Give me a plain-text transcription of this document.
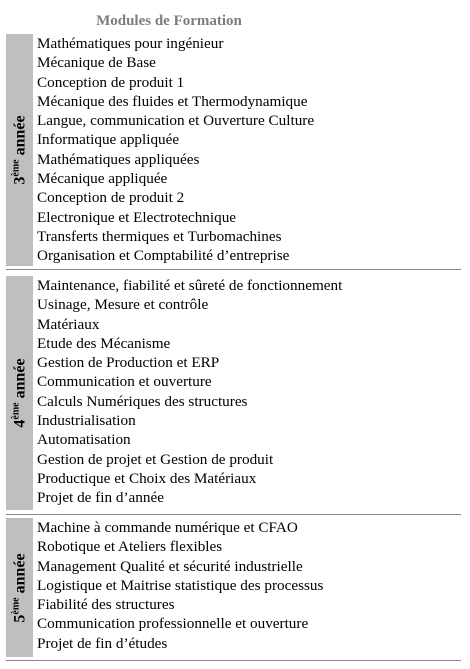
Modules de Formation
3ème année
Mathématiques pour ingénieur
Mécanique de Base
Conception de produit 1
Mécanique des fluides et Thermodynamique
Langue, communication et Ouverture Culture
Informatique appliquée
Mathématiques appliquées
Mécanique appliquée
Conception de produit 2
Electronique et Electrotechnique
Transferts thermiques et Turbomachines
Organisation et Comptabilité d’entreprise
4ème année
Maintenance, fiabilité et sûreté de fonctionnement
Usinage, Mesure et contrôle
Matériaux
Etude des Mécanisme
Gestion de Production et ERP
Communication et ouverture
Calculs Numériques des structures
Industrialisation
Automatisation
Gestion de projet et Gestion de produit
Productique et Choix des Matériaux
Projet de fin d’année
5ème année
Machine à commande numérique et CFAO
Robotique et Ateliers flexibles
Management Qualité et sécurité industrielle
Logistique et Maitrise statistique des processus
Fiabilité des structures
Communication professionnelle et ouverture
Projet de fin d’études
